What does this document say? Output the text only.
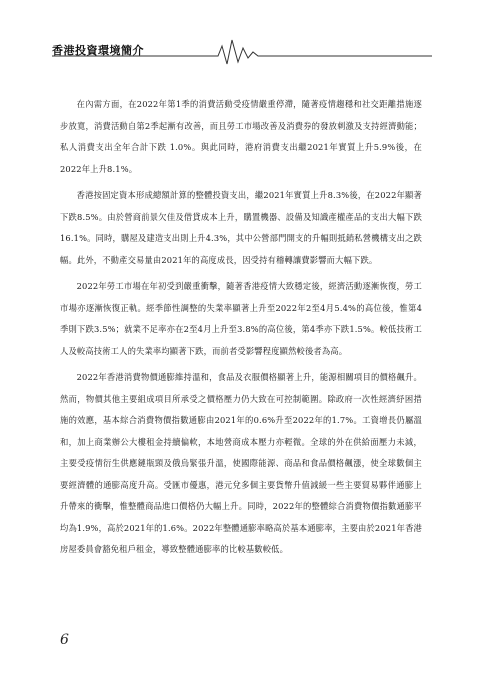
香港投資環境簡介

在內需方面，在2022年第1季的消費活動受疫情嚴重停滯，隨著疫情趨穩和社交距離措施逐步放寬，消費活動自第2季起漸有改善，而且勞工市場改善及消費券的發放刺激及支持經濟動能；私人消費支出全年合計下跌 1.0%。與此同時，港府消費支出繼2021年實質上升5.9%後，在2022年上升8.1%。

香港按固定資本形成總額計算的整體投資支出，繼2021年實質上升8.3%後，在2022年顯著下跌8.5%。由於營商前景欠佳及借貸成本上升，購置機器、設備及知識產權產品的支出大幅下跌16.1%。同時，購屋及建造支出則上升4.3%，其中公營部門開支的升幅則抵銷私營機構支出之跌幅。此外，不動產交易量由2021年的高度成長，因受持有稽轉讓費影響而大幅下跌。

2022年勞工市場在年初受到嚴重衝擊，隨著香港疫情大致穩定後，經濟活動逐漸恢復，勞工市場亦逐漸恢復正軌。經季節性調整的失業率顯著上升至2022年2至4月5.4%的高位後，惟第4季則下跌3.5%；就業不足率亦在2至4月上升至3.8%的高位後，第4季亦下跌1.5%。較低技術工人及較高技術工人的失業率均顯著下跌，而前者受影響程度顯然較後者為高。

2022年香港消費物價通膨維持溫和，食品及衣服價格顯著上升，能源相關項目的價格飆升。然而，物價其他主要組成項目所承受之價格壓力仍大致在可控制範圍。除政府一次性經濟紓困措施的效應，基本綜合消費物價指數通膨由2021年的0.6%升至2022年的1.7%。工資增長仍屬溫和，加上商業辦公大樓租金持續偏軟，本地營商成本壓力亦輕微。全球的外在供給面壓力未減，主要受疫情衍生供應鏈瓶頸及俄烏緊張升溫，使國際能源、商品和食品價格飆漲，使全球數個主要經濟體的通膨高度升高。受匯市優惠，港元兌多個主要貨幣升值減緩一些主要貿易夥伴通膨上升帶來的衝擊，惟整體商品進口價格仍大幅上升。同時，2022年的整體綜合消費物價指數通膨平均為1.9%，高於2021年的1.6%。2022年整體通膨率略高於基本通膨率，主要由於2021年香港房屋委員會豁免租戶租金，導致整體通膨率的比較基數較低。

6
